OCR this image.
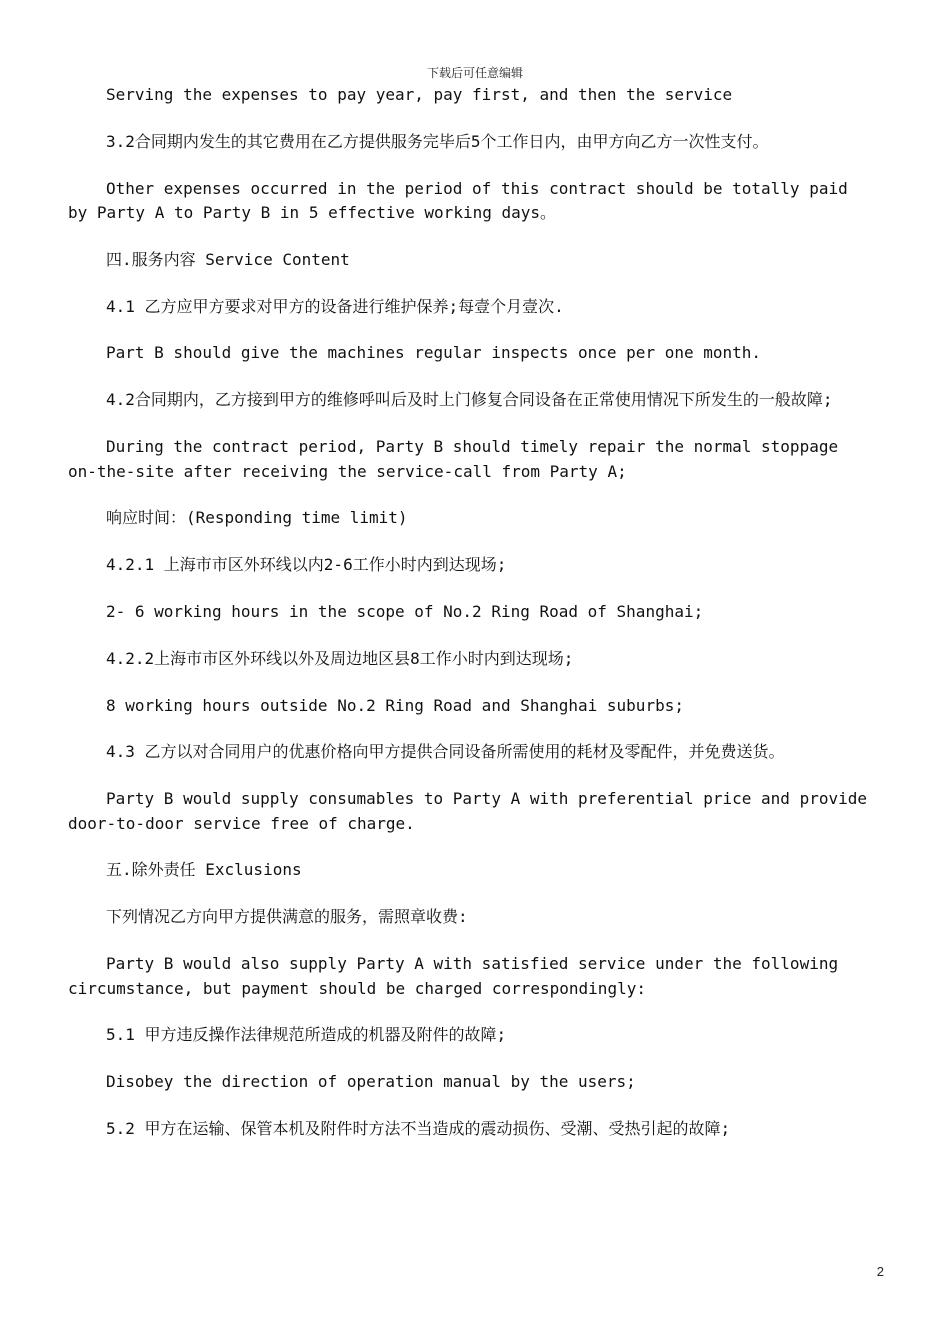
下载后可任意编辑

Serving the expenses to pay year, pay first, and then the service

3.2合同期内发生的其它费用在乙方提供服务完毕后5个工作日内，由甲方向乙方一次性支付。

Other expenses occurred in the period of this contract should be totally paid by Party A to Party B in 5 effective working days。

四.服务内容 Service Content

4.1 乙方应甲方要求对甲方的设备进行维护保养;每壹个月壹次.

Part B should give the machines regular inspects once per one month.

4.2合同期内，乙方接到甲方的维修呼叫后及时上门修复合同设备在正常使用情况下所发生的一般故障;

During the contract period, Party B should timely repair the normal stoppage on-the-site after receiving the service-call from Party A;

响应时间：(Responding time limit)

4.2.1 上海市市区外环线以内2-6工作小时内到达现场;

2- 6 working hours in the scope of No.2 Ring Road of Shanghai;

4.2.2上海市市区外环线以外及周边地区县8工作小时内到达现场;

8 working hours outside No.2 Ring Road and Shanghai suburbs;

4.3 乙方以对合同用户的优惠价格向甲方提供合同设备所需使用的耗材及零配件，并免费送货。

Party B would supply consumables to Party A with preferential price and provide door-to-door service free of charge.

五.除外责任 Exclusions

下列情况乙方向甲方提供满意的服务，需照章收费:

Party B would also supply Party A with satisfied service under the following circumstance, but payment should be charged correspondingly:

5.1 甲方违反操作法律规范所造成的机器及附件的故障;

Disobey the direction of operation manual by the users;

5.2 甲方在运输、保管本机及附件时方法不当造成的震动损伤、受潮、受热引起的故障;

2
